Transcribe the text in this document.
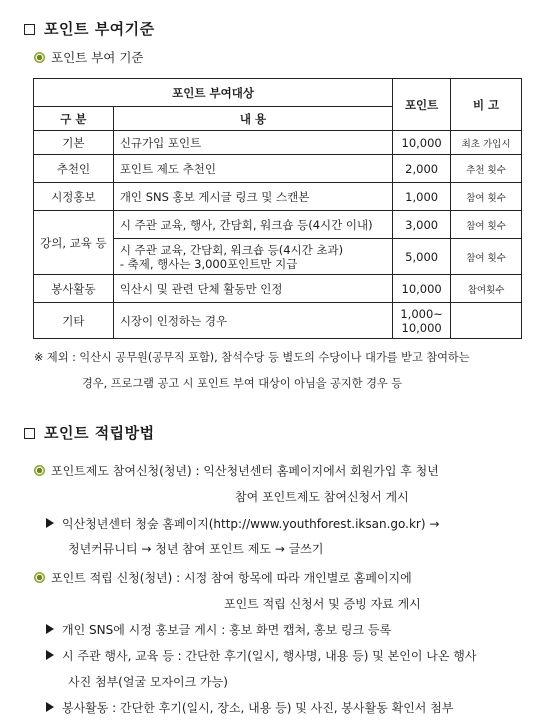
포인트 부여기준
포인트 부여 기준
포인트 부여대상		포인트	비 고
구 분	내 용		
기본	신규가입 포인트	10,000	최초 가입시
추천인	포인트 제도 추천인	2,000	추천 횟수
시정홍보	개인 SNS 홍보 게시글 링크 및 스캔본	1,000	참여 횟수
강의, 교육 등	시 주관 교육, 행사, 간담회, 워크숍 등(4시간 이내)	3,000	참여 횟수

	시 주관 교육, 간담회, 워크숍 등(4시간 초과)
- 축제, 행사는 3,000포인트만 지급	5,000	참여 횟수
봉사활동	익산시 및 관련 단체 활동만 인정	10,000	참여횟수
기타	시장이 인정하는 경우	1,000~
10,000	

※ 제외 : 익산시 공무원(공무직 포함), 참석수당 등 별도의 수당이나 대가를 받고 참여하는
경우, 프로그램 공고 시 포인트 부여 대상이 아님을 공지한 경우 등
포인트 적립방법
포인트제도 참여신청(청년) : 익산청년센터 홈페이지에서 회원가입 후 청년
참여 포인트제도 참여신청서 게시
익산청년센터 청숲 홈페이지(http://www.youthforest.iksan.go.kr) →
청년커뮤니티 → 청년 참여 포인트 제도 → 글쓰기
포인트 적립 신청(청년) : 시정 참여 항목에 따라 개인별로 홈페이지에
포인트 적립 신청서 및 증빙 자료 게시
개인 SNS에 시정 홍보글 게시 : 홍보 화면 캡쳐, 홍보 링크 등록
시 주관 행사, 교육 등 : 간단한 후기(일시, 행사명, 내용 등) 및 본인이 나온 행사
사진 첨부(얼굴 모자이크 가능)
봉사활동 : 간단한 후기(일시, 장소, 내용 등) 및 사진, 봉사활동 확인서 첨부
